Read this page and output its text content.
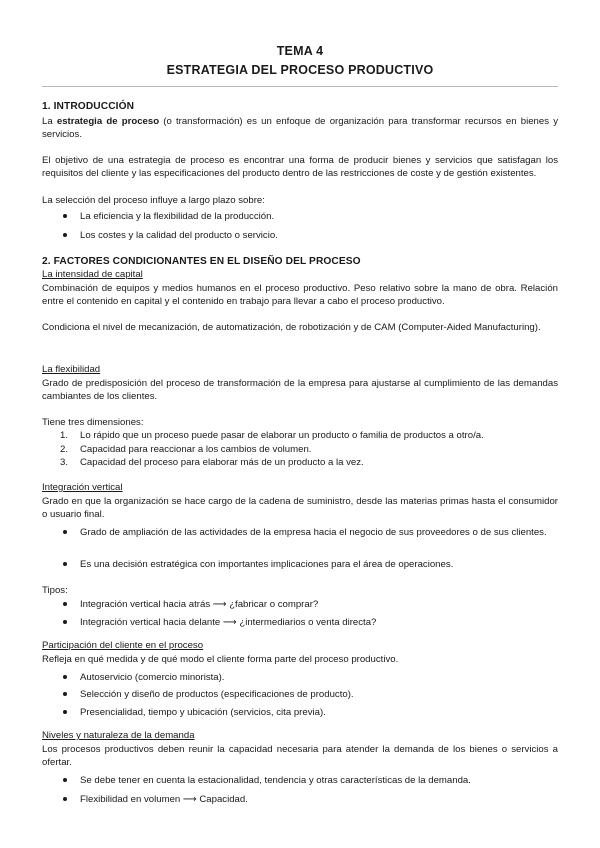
TEMA 4
ESTRATEGIA DEL PROCESO PRODUCTIVO
1. INTRODUCCIÓN

La estrategia de proceso (o transformación) es un enfoque de organización para transformar recursos en bienes y servicios.

El objetivo de una estrategia de proceso es encontrar una forma de producir bienes y servicios que satisfagan los requisitos del cliente y las especificaciones del producto dentro de las restricciones de coste y de gestión existentes.

La selección del proceso influye a largo plazo sobre:

La eficiencia y la flexibilidad de la producción.
Los costes y la calidad del producto o servicio.
2. FACTORES CONDICIONANTES EN EL DISEÑO DEL PROCESO
La intensidad de capital

Combinación de equipos y medios humanos en el proceso productivo. Peso relativo sobre la mano de obra. Relación entre el contenido en capital y el contenido en trabajo para llevar a cabo el proceso productivo.

Condiciona el nivel de mecanización, de automatización, de robotización y de CAM (Computer-Aided Manufacturing).

La flexibilidad

Grado de predisposición del proceso de transformación de la empresa para ajustarse al cumplimiento de las demandas cambiantes de los clientes.

Tiene tres dimensiones:

1. Lo rápido que un proceso puede pasar de elaborar un producto o familia de productos a otro/a.
2. Capacidad para reaccionar a los cambios de volumen.
3. Capacidad del proceso para elaborar más de un producto a la vez.
Integración vertical

Grado en que la organización se hace cargo de la cadena de suministro, desde las materias primas hasta el consumidor o usuario final.

Grado de ampliación de las actividades de la empresa hacia el negocio de sus proveedores o de sus clientes.
Es una decisión estratégica con importantes implicaciones para el área de operaciones.

Tipos:

Integración vertical hacia atrás ⟶ ¿fabricar o comprar?
Integración vertical hacia delante ⟶ ¿intermediarios o venta directa?
Participación del cliente en el proceso

Refleja en qué medida y de qué modo el cliente forma parte del proceso productivo.

Autoservicio (comercio minorista).
Selección y diseño de productos (especificaciones de producto).
Presencialidad, tiempo y ubicación (servicios, cita previa).
Niveles y naturaleza de la demanda

Los procesos productivos deben reunir la capacidad necesaria para atender la demanda de los bienes o servicios a ofertar.

Se debe tener en cuenta la estacionalidad, tendencia y otras características de la demanda.
Flexibilidad en volumen ⟶ Capacidad.
